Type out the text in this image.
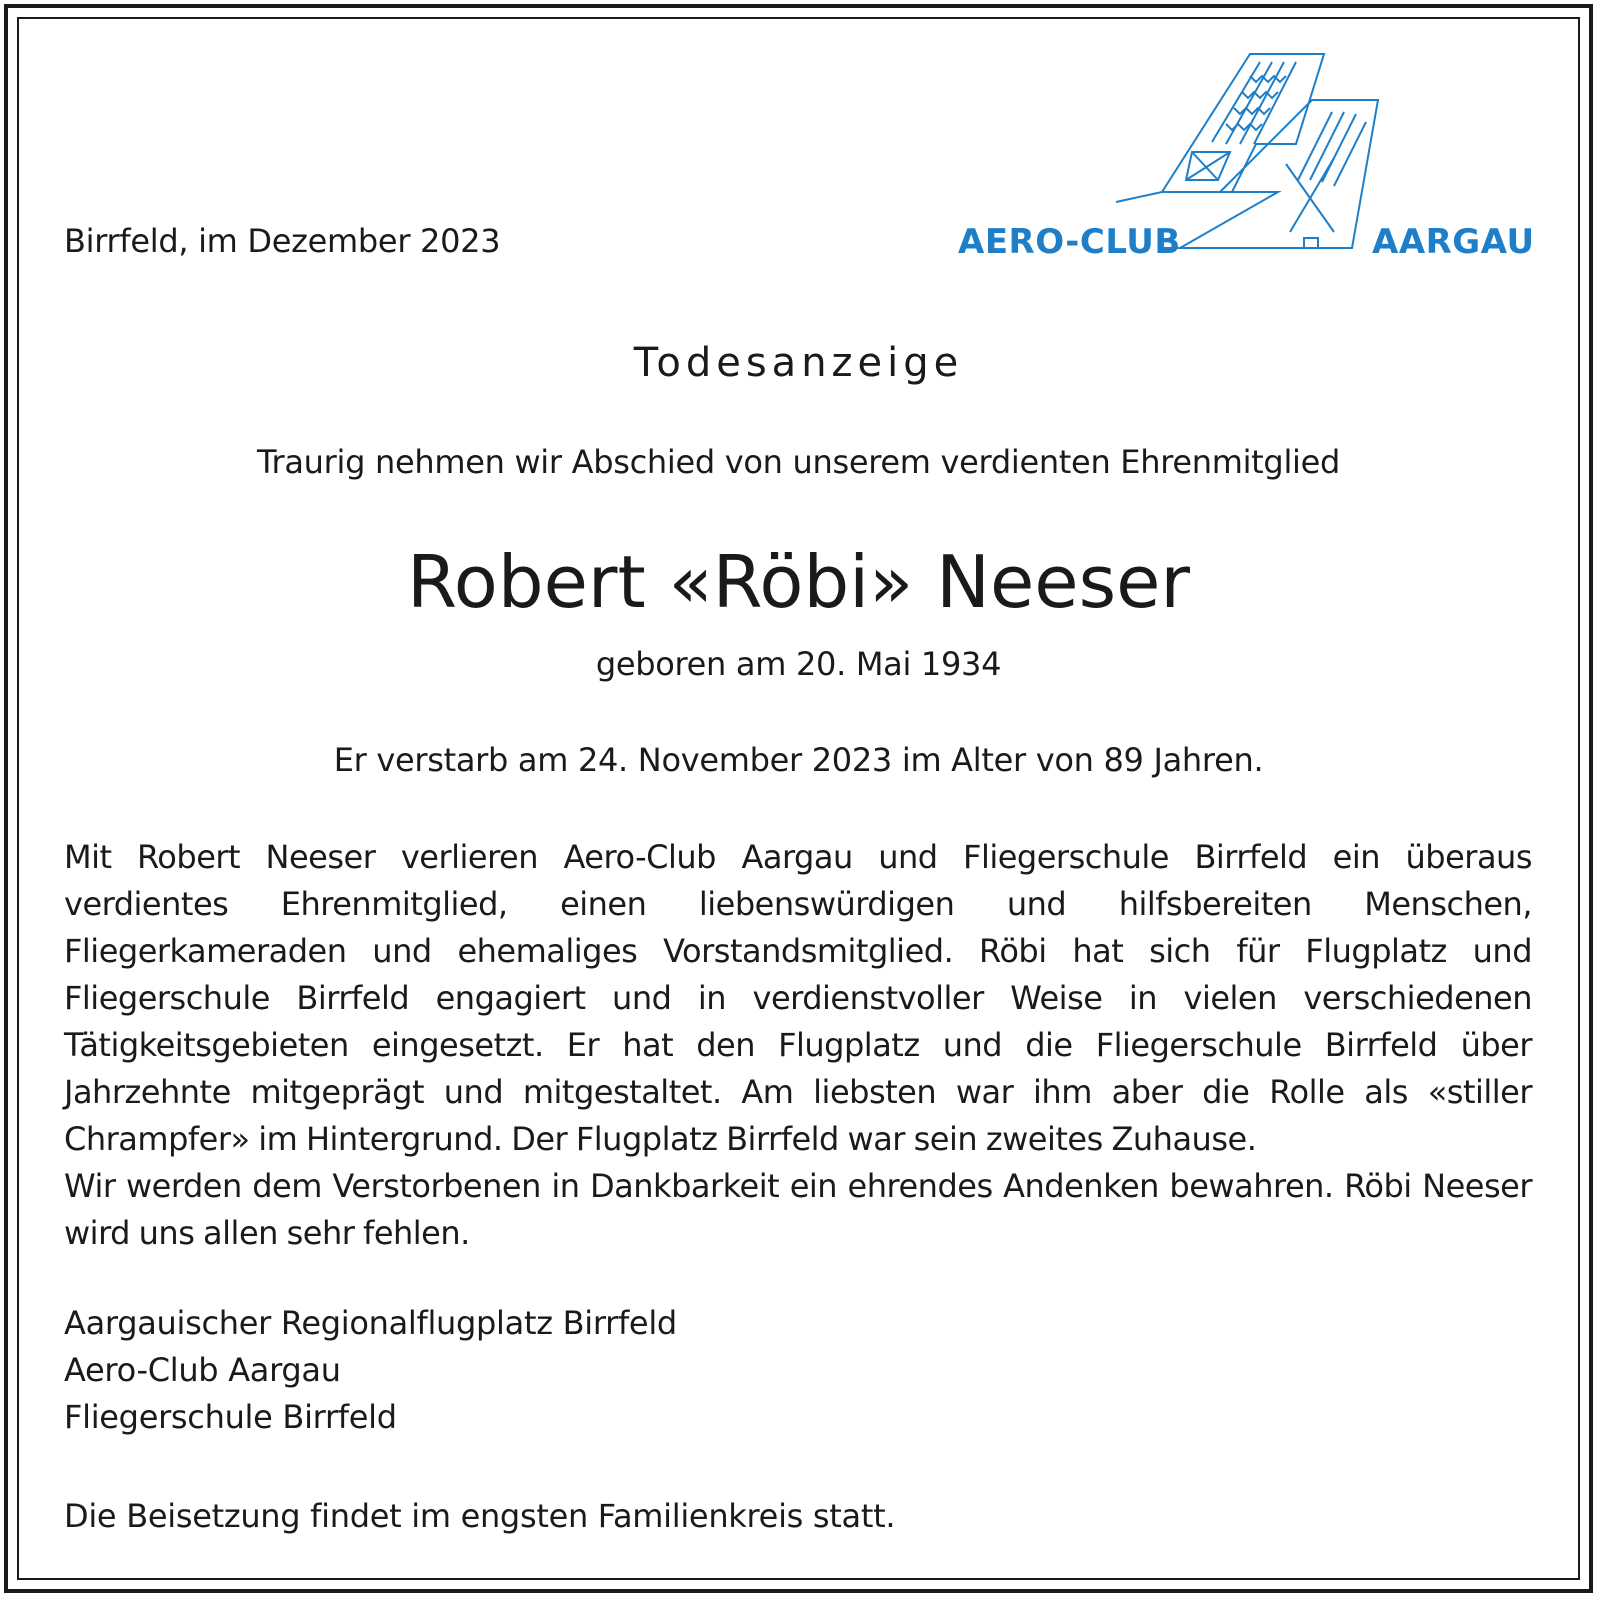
Birrfeld, im Dezember 2023	AERO-CLUB	AARGAU
Todesanzeige
Traurig nehmen wir Abschied von unserem verdienten Ehrenmitglied
Robert «Röbi» Neeser
geboren am 20. Mai 1934
Er verstarb am 24. November 2023 im Alter von 89 Jahren.

Mit Robert Neeser verlieren Aero-Club Aargau und Fliegerschule Birrfeld ein überaus verdientes Ehrenmitglied, einen liebenswürdigen und hilfsbereiten Menschen, Fliegerkameraden und ehemaliges Vorstandsmitglied. Röbi hat sich für Flugplatz und Fliegerschule Birrfeld engagiert und in verdienstvoller Weise in vielen verschiedenen Tätigkeitsgebieten eingesetzt. Er hat den Flugplatz und die Fliegerschule Birrfeld über Jahrzehnte mitgeprägt und mitgestaltet. Am liebsten war ihm aber die Rolle als «stiller Chrampfer» im Hintergrund. Der Flugplatz Birrfeld war sein zweites Zuhause.

Wir werden dem Verstorbenen in Dankbarkeit ein ehrendes Andenken bewahren. Röbi Neeser wird uns allen sehr fehlen.

Aargauischer Regionalflugplatz Birrfeld
Aero-Club Aargau
Fliegerschule Birrfeld
Die Beisetzung findet im engsten Familienkreis statt.
